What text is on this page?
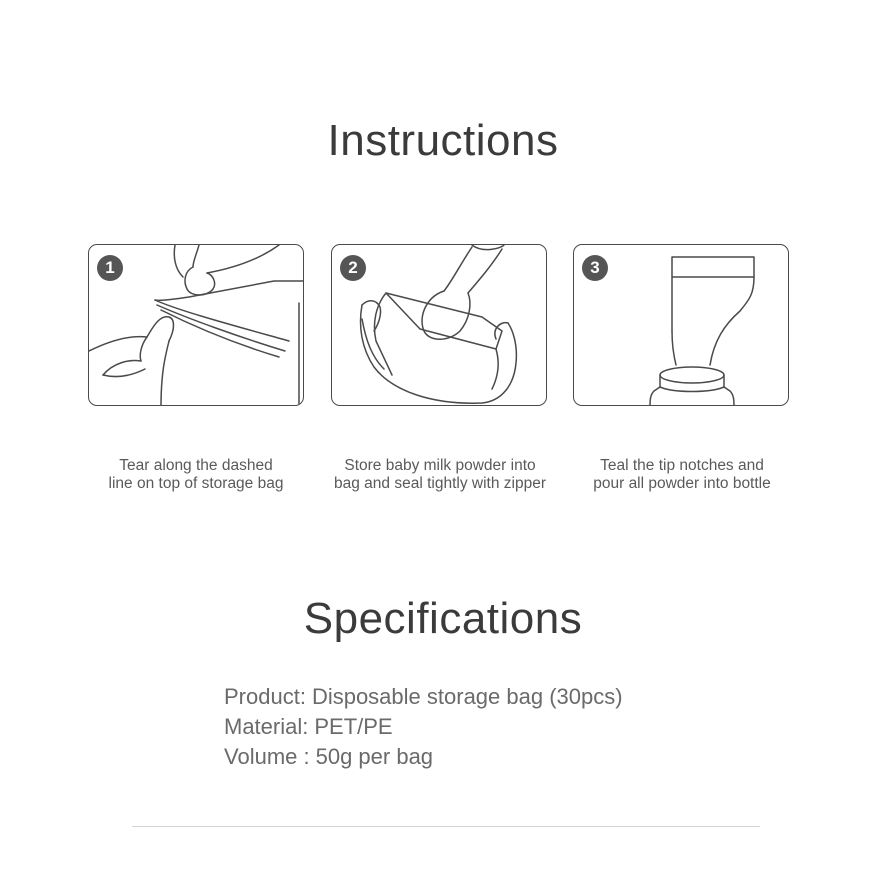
Instructions
1	2	3
Tear along the dashed
line on top of storage bag
Store baby milk powder into
bag and seal tightly with zipper
Teal the tip notches and
pour all powder into bottle
Specifications
Product: Disposable storage bag (30pcs)
Material: PET/PE
Volume : 50g per bag
